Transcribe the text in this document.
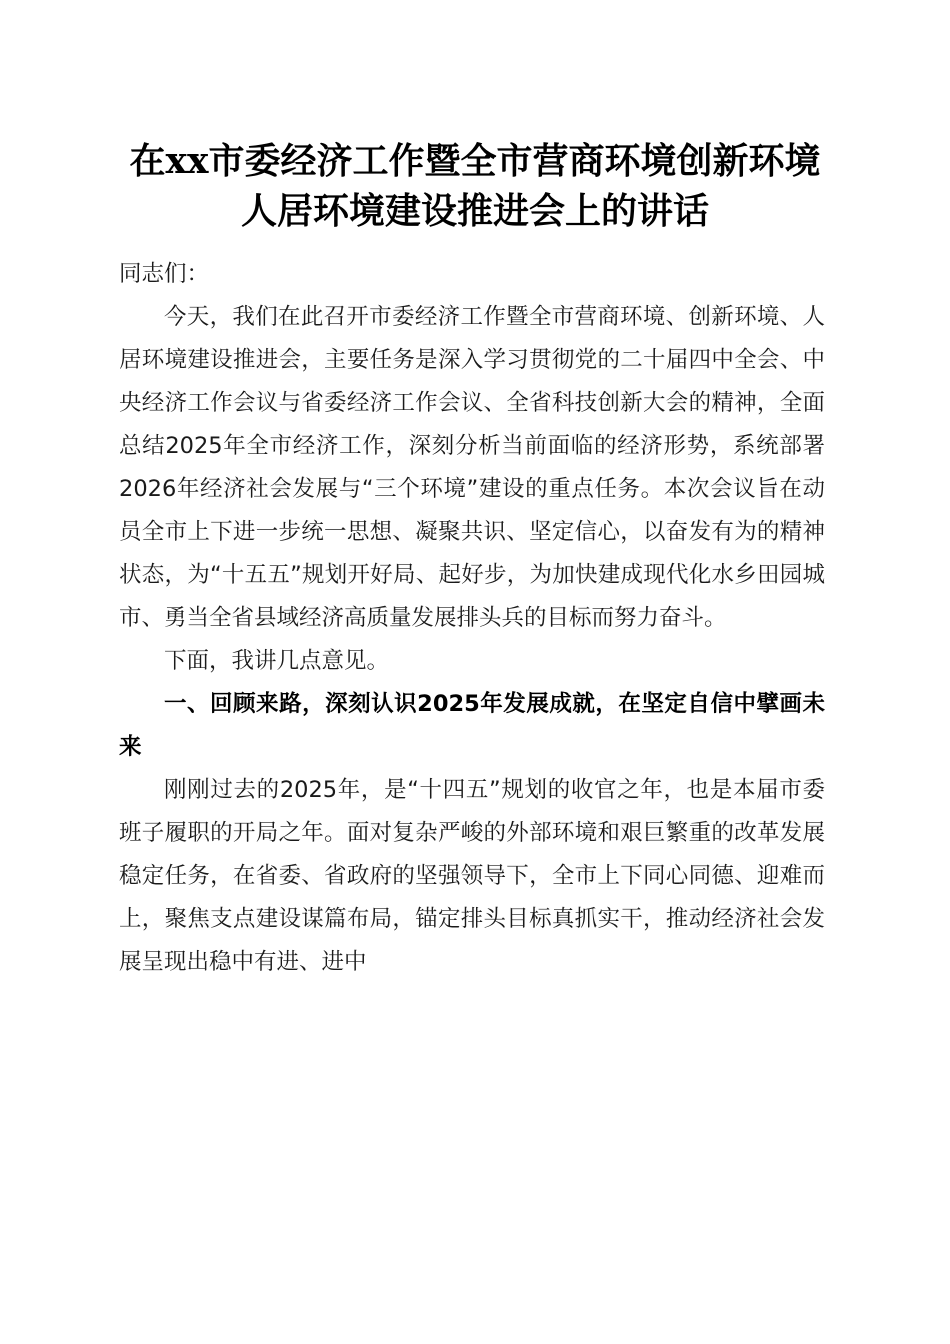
在xx市委经济工作暨全市营商环境创新环境
人居环境建设推进会上的讲话

同志们：

今天，我们在此召开市委经济工作暨全市营商环境、创新环境、人居环境建设推进会，主要任务是深入学习贯彻党的二十届四中全会、中央经济工作会议与省委经济工作会议、全省科技创新大会的精神，全面总结2025年全市经济工作，深刻分析当前面临的经济形势，系统部署2026年经济社会发展与“三个环境”建设的重点任务。本次会议旨在动员全市上下进一步统一思想、凝聚共识、坚定信心，以奋发有为的精神状态，为“十五五”规划开好局、起好步，为加快建成现代化水乡田园城市、勇当全省县域经济高质量发展排头兵的目标而努力奋斗。

下面，我讲几点意见。

一、回顾来路，深刻认识2025年发展成就，在坚定自信中擘画未来

刚刚过去的2025年，是“十四五”规划的收官之年，也是本届市委班子履职的开局之年。面对复杂严峻的外部环境和艰巨繁重的改革发展稳定任务，在省委、省政府的坚强领导下，全市上下同心同德、迎难而上，聚焦支点建设谋篇布局，锚定排头目标真抓实干，推动经济社会发展呈现出稳中有进、进中
